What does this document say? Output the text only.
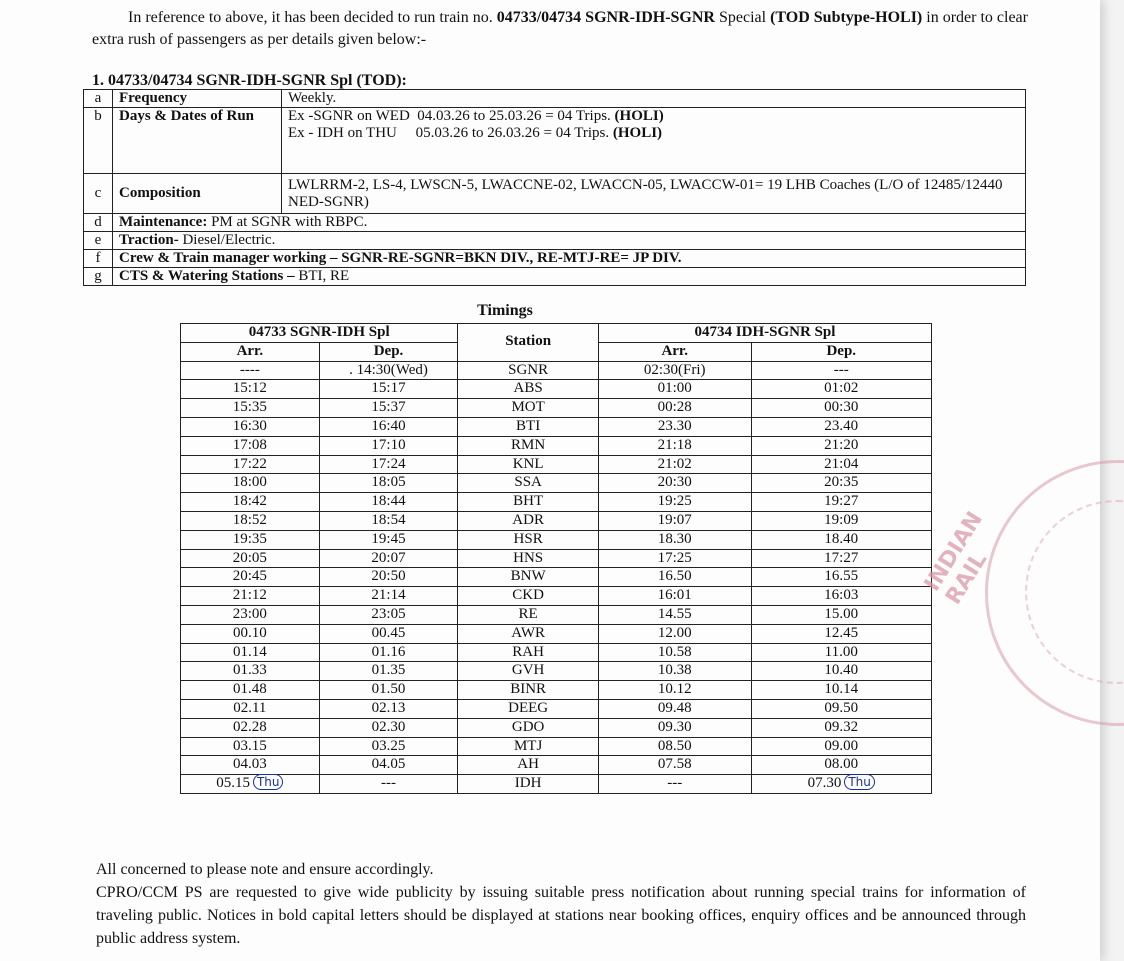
In reference to above, it has been decided to run train no. 04733/04734 SGNR-IDH-SGNR Special (TOD Subtype-HOLI) in order to clear extra rush of passengers as per details given below:-

1. 04733/04734 SGNR-IDH-SGNR Spl (TOD):
a	Frequency	Weekly.
b	Days & Dates of Run	Ex -SGNR on WED  04.03.26 to 25.03.26 = 04 Trips. (HOLI)
Ex - IDH on THU     05.03.26 to 26.03.26 = 04 Trips. (HOLI)

c	Composition	LWLRRM-2, LS-4, LWSCN-5, LWACCNE-02, LWACCN-05, LWACCW-01= 19 LHB Coaches (L/O of 12485/12440 NED-SGNR)
d	Maintenance: PM at SGNR with RBPC.	
e	Traction- Diesel/Electric.	
f	Crew & Train manager working – SGNR-RE-SGNR=BKN DIV., RE-MTJ-RE= JP DIV.	
g	CTS & Watering Stations – BTI, RE	
Timings
04733 SGNR-IDH Spl		Station	04734 IDH-SGNR Spl	
Arr.	Dep.		Arr.	Dep.
----	. 14:30(Wed)	SGNR	02:30(Fri)	---
15:12	15:17	ABS	01:00	01:02
15:35	15:37	MOT	00:28	00:30
16:30	16:40	BTI	23.30	23.40
17:08	17:10	RMN	21:18	21:20
17:22	17:24	KNL	21:02	21:04
18:00	18:05	SSA	20:30	20:35
18:42	18:44	BHT	19:25	19:27
18:52	18:54	ADR	19:07	19:09
19:35	19:45	HSR	18.30	18.40
20:05	20:07	HNS	17:25	17:27
20:45	20:50	BNW	16.50	16.55
21:12	21:14	CKD	16:01	16:03
23:00	23:05	RE	14.55	15.00
00.10	00.45	AWR	12.00	12.45
01.14	01.16	RAH	10.58	11.00
01.33	01.35	GVH	10.38	10.40
01.48	01.50	BINR	10.12	10.14
02.11	02.13	DEEG	09.48	09.50
02.28	02.30	GDO	09.30	09.32
03.15	03.25	MTJ	08.50	09.00
04.03	04.05	AH	07.58	08.00
05.15 Thu	---	IDH	---	07.30 Thu

All concerned to please note and ensure accordingly.

CPRO/CCM PS are requested to give wide publicity by issuing suitable press notification about running special trains for information of traveling public. Notices in bold capital letters should be displayed at stations near booking offices, enquiry offices and be announced through public address system.

INDIAN RAIL
